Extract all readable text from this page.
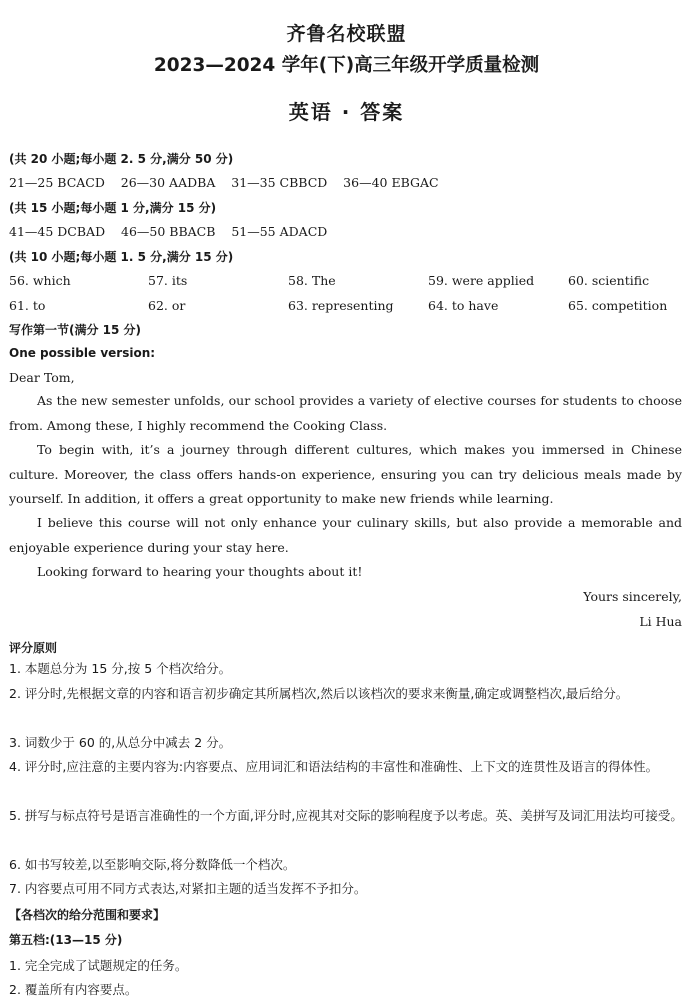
齐鲁名校联盟
2023—2024 学年(下)高三年级开学质量检测
英语 · 答案
(共 20 小题;每小题 2. 5 分,满分 50 分)
21—25 BCACD    26—30 AADBA    31—35 CBBCD    36—40 EBGAC
(共 15 小题;每小题 1 分,满分 15 分)
41—45 DCBAD    46—50 BBACB    51—55 ADACD
(共 10 小题;每小题 1. 5 分,满分 15 分)
56. which	57. its	58. The	59. were applied	60. scientific
61. to	62. or	63. representing	64. to have	65. competition
写作第一节(满分 15 分)
One possible version:
Dear Tom,
As the new semester unfolds, our school provides a variety of elective courses for students to choose from. Among these, I highly recommend the Cooking Class.
To begin with, it’s a journey through different cultures, which makes you immersed in Chinese culture. Moreover, the class offers hands-on experience, ensuring you can try delicious meals made by yourself. In addition, it offers a great opportunity to make new friends while learning.
I believe this course will not only enhance your culinary skills, but also provide a memorable and enjoyable experience during your stay here.
Looking forward to hearing your thoughts about it!
Yours sincerely,
Li Hua
评分原则
1. 本题总分为 15 分,按 5 个档次给分。
2. 评分时,先根据文章的内容和语言初步确定其所属档次,然后以该档次的要求来衡量,确定或调整档次,最后给分。
3. 词数少于 60 的,从总分中减去 2 分。
4. 评分时,应注意的主要内容为:内容要点、应用词汇和语法结构的丰富性和准确性、上下文的连贯性及语言的得体性。
5. 拼写与标点符号是语言准确性的一个方面,评分时,应视其对交际的影响程度予以考虑。英、美拼写及词汇用法均可接受。
6. 如书写较差,以至影响交际,将分数降低一个档次。
7. 内容要点可用不同方式表达,对紧扣主题的适当发挥不予扣分。
【各档次的给分范围和要求】
第五档:(13—15 分)
1. 完全完成了试题规定的任务。
2. 覆盖所有内容要点。
